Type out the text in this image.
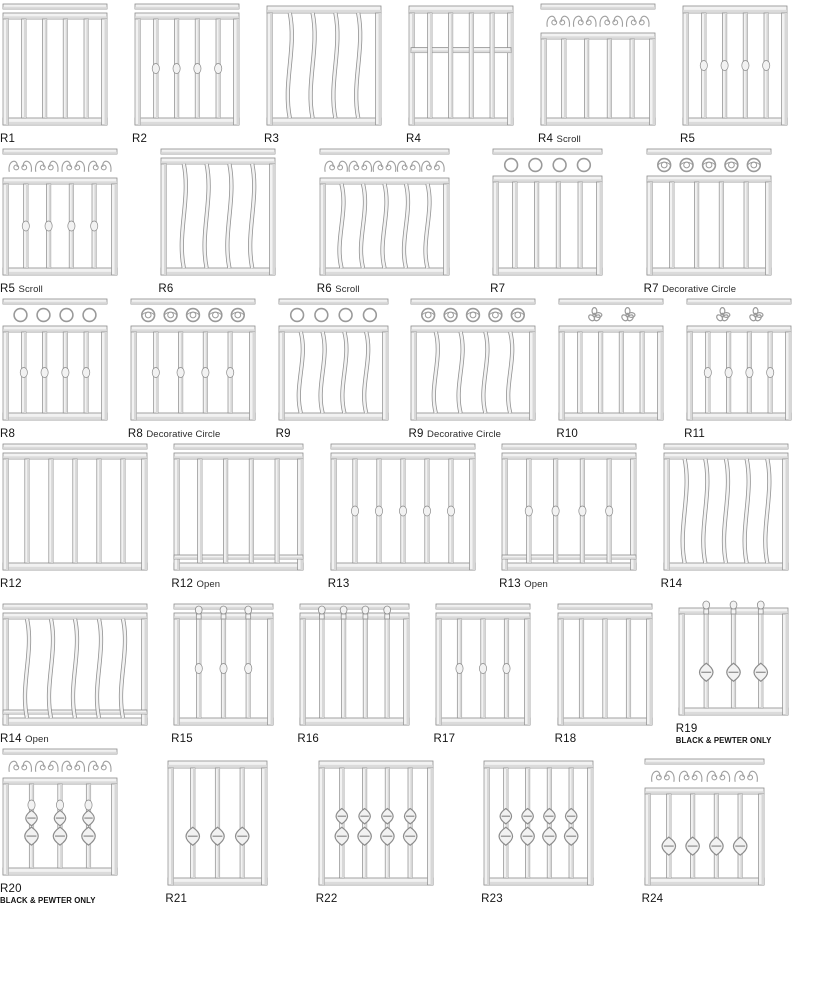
R1	R2	R3	R4	R4 Scroll	R5
R5 Scroll	R6	R6 Scroll	R7	R7 Decorative Circle
R8	R8 Decorative Circle	R9	R9 Decorative Circle	R10	R11
R12	R12 Open	R13	R13 Open	R14
R14 Open	R15	R16	R17	R18
R19
BLACK & PEWTER ONLY
R20
BLACK & PEWTER ONLY	R21	R22	R23	R24
